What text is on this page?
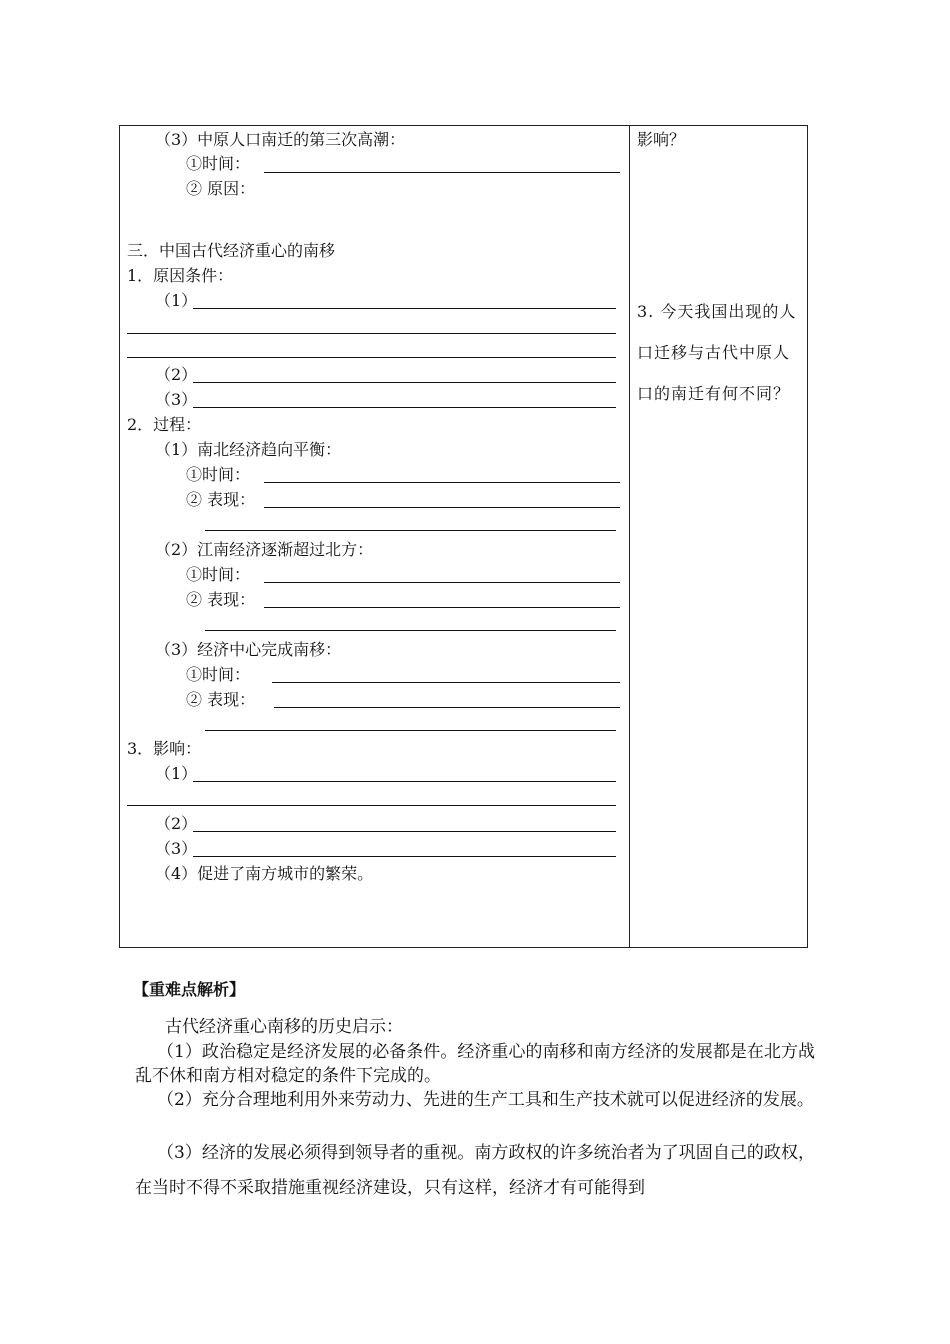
（3）中原人口南迁的第三次高潮：
①时间：
② 原因：
三．中国古代经济重心的南移
1．原因条件：
（1）
（2）
（3）
2．过程：
（1）南北经济趋向平衡：
①时间：
② 表现：
（2）江南经济逐渐超过北方：
①时间：
② 表现：
（3）经济中心完成南移：
①时间：
② 表现：
3．影响：
（1）
（2）
（3）
（4）促进了南方城市的繁荣。
影响？
3. 今天我国出现的人口迁移与古代中原人口的南迁有何不同？
【重难点解析】
古代经济重心南移的历史启示：
（1）政治稳定是经济发展的必备条件。经济重心的南移和南方经济的发展都是在北方战乱不休和南方相对稳定的条件下完成的。
（2）充分合理地利用外来劳动力、先进的生产工具和生产技术就可以促进经济的发展。
（3）经济的发展必须得到领导者的重视。南方政权的许多统治者为了巩固自己的政权，在当时不得不采取措施重视经济建设，只有这样，经济才有可能得到
